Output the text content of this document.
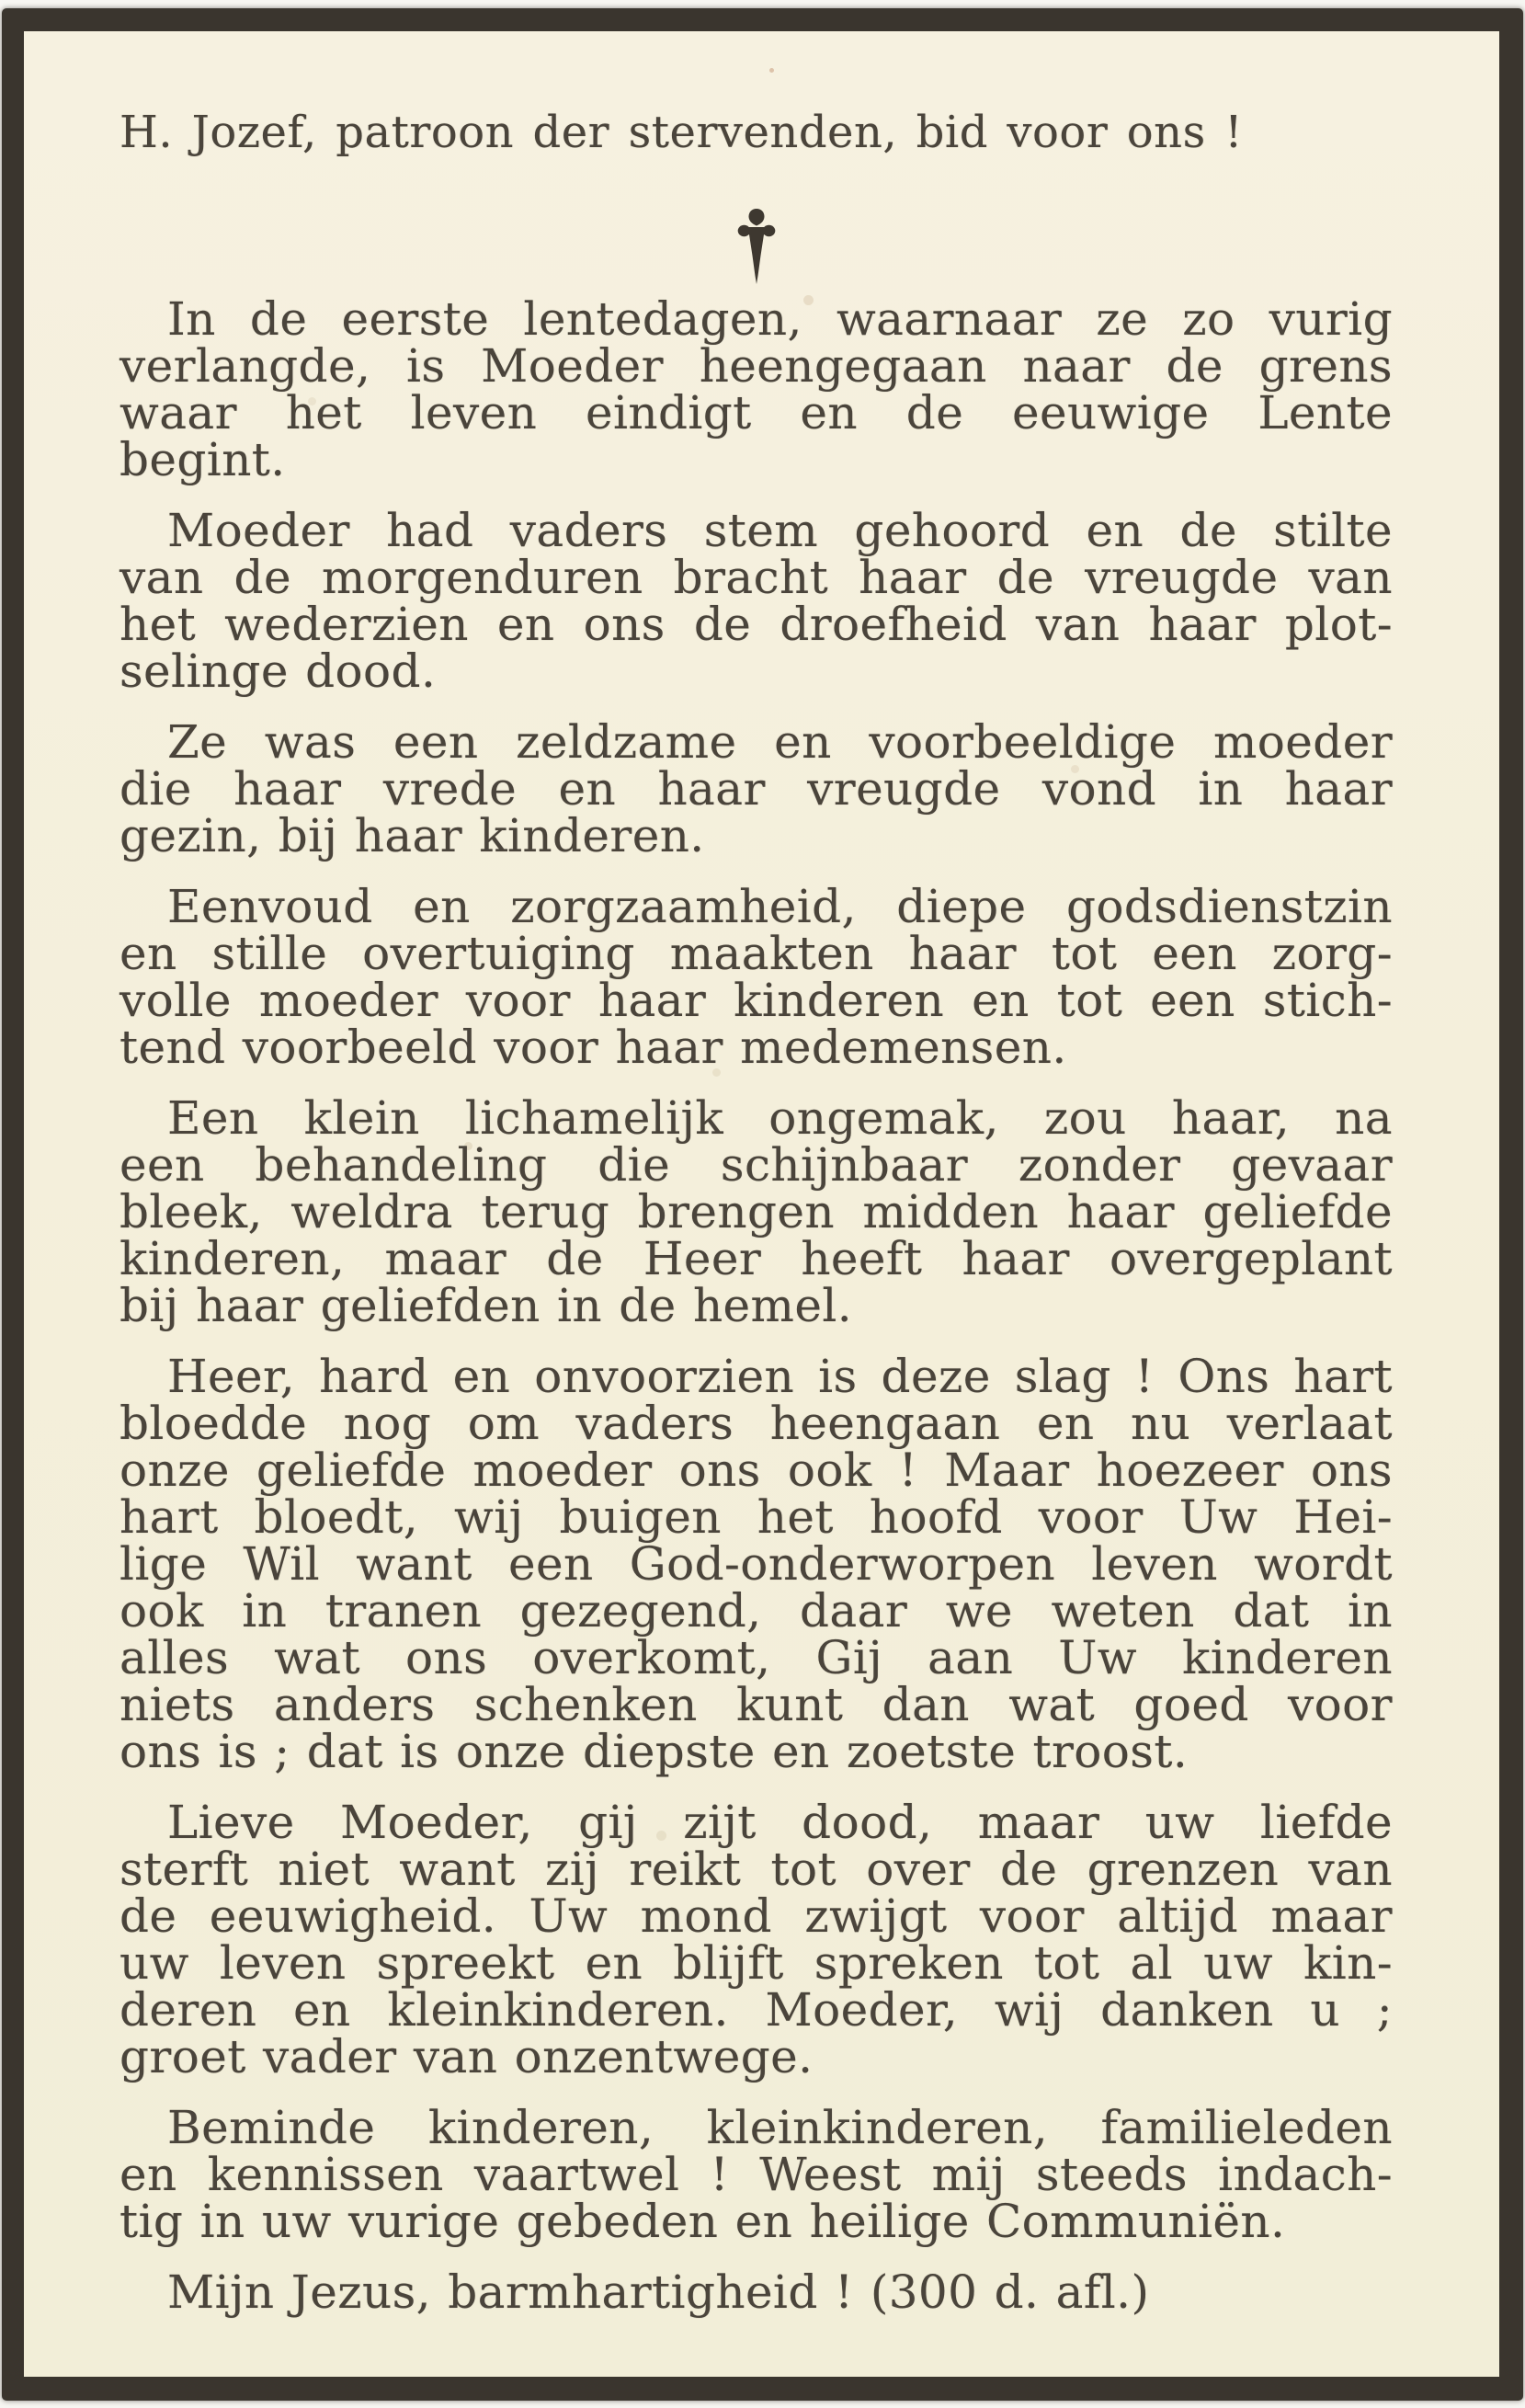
H. Jozef, patroon der stervenden, bid voor ons !
In de eerste lentedagen, waarnaar ze zo vurig
verlangde, is Moeder heengegaan naar de grens
waar het leven eindigt en de eeuwige Lente
begint.
Moeder had vaders stem gehoord en de stilte
van de morgenduren bracht haar de vreugde van
het wederzien en ons de droefheid van haar plot-
selinge dood.
Ze was een zeldzame en voorbeeldige moeder
die haar vrede en haar vreugde vond in haar
gezin, bij haar kinderen.
Eenvoud en zorgzaamheid, diepe godsdienstzin
en stille overtuiging maakten haar tot een zorg-
volle moeder voor haar kinderen en tot een stich-
tend voorbeeld voor haar medemensen.
Een klein lichamelijk ongemak, zou haar, na
een behandeling die schijnbaar zonder gevaar
bleek, weldra terug brengen midden haar geliefde
kinderen, maar de Heer heeft haar overgeplant
bij haar geliefden in de hemel.
Heer, hard en onvoorzien is deze slag ! Ons hart
bloedde nog om vaders heengaan en nu verlaat
onze geliefde moeder ons ook ! Maar hoezeer ons
hart bloedt, wij buigen het hoofd voor Uw Hei-
lige Wil want een God-onderworpen leven wordt
ook in tranen gezegend, daar we weten dat in
alles wat ons overkomt, Gij aan Uw kinderen
niets anders schenken kunt dan wat goed voor
ons is ; dat is onze diepste en zoetste troost.
Lieve Moeder, gij zijt dood, maar uw liefde
sterft niet want zij reikt tot over de grenzen van
de eeuwigheid. Uw mond zwijgt voor altijd maar
uw leven spreekt en blijft spreken tot al uw kin-
deren en kleinkinderen. Moeder, wij danken u ;
groet vader van onzentwege.
Beminde kinderen, kleinkinderen, familieleden
en kennissen vaartwel ! Weest mij steeds indach-
tig in uw vurige gebeden en heilige Communiën.
Mijn Jezus, barmhartigheid ! (300 d. afl.)
